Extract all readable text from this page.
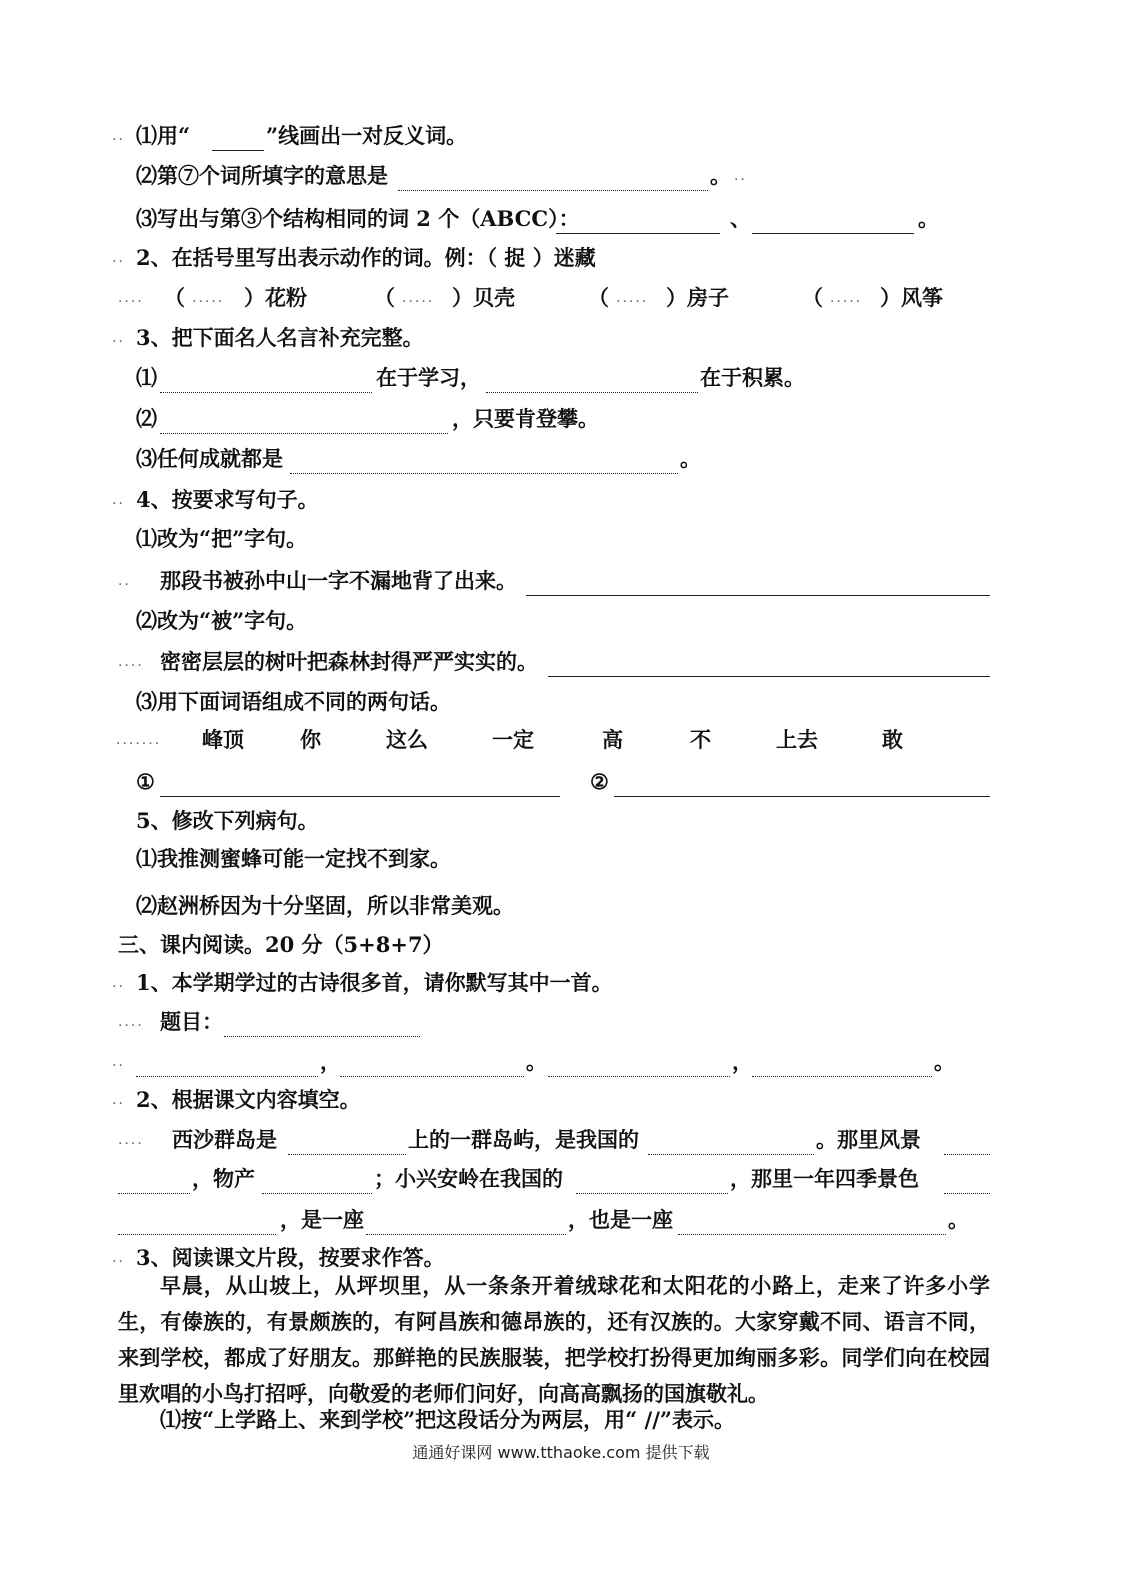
.. ⑴用“	”线画出一对反义词。
⑵第⑦个词所填字的意思是	。 ..
⑶写出与第③个结构相同的词 2 个（ABCC）：	、	。
.. 2、在括号里写出表示动作的词。例：（ 捉 ）迷藏
.... （ ..... ）花粉	（ ..... ）贝壳	（ ..... ）房子	（ ..... ）风筝
.. 3、把下面名人名言补充完整。
⑴	在于学习，	在于积累。
⑵	，只要肯登攀。
⑶任何成就都是	。
.. 4、按要求写句子。
⑴改为“把”字句。
.. 那段书被孙中山一字不漏地背了出来。
⑵改为“被”字句。
.... 密密层层的树叶把森林封得严严实实的。
⑶用下面词语组成不同的两句话。
....... 峰顶	你	这么	一定	高	不	上去	敢
①	②
5、修改下列病句。
⑴我推测蜜蜂可能一定找不到家。
⑵赵洲桥因为十分坚固，所以非常美观。
三、课内阅读。20 分（5+8+7）
.. 1、本学期学过的古诗很多首，请你默写其中一首。
.... 题目：
..	，	。	，	。
.. 2、根据课文内容填空。
.... 西沙群岛是	上的一群岛屿，是我国的	。那里风景
，物产	；小兴安岭在我国的	，那里一年四季景色
，是一座	，也是一座	。
.. 3、阅读课文片段，按要求作答。
早晨，从山坡上，从坪坝里，从一条条开着绒球花和太阳花的小路上，走来了许多小学生，有傣族的，有景颇族的，有阿昌族和德昂族的，还有汉族的。大家穿戴不同、语言不同，来到学校，都成了好朋友。那鲜艳的民族服装，把学校打扮得更加绚丽多彩。同学们向在校园里欢唱的小鸟打招呼，向敬爱的老师们问好，向高高飘扬的国旗敬礼。
⑴按“上学路上、来到学校”把这段话分为两层，用“ //”表示。
通通好课网 www.tthaoke.com 提供下载
